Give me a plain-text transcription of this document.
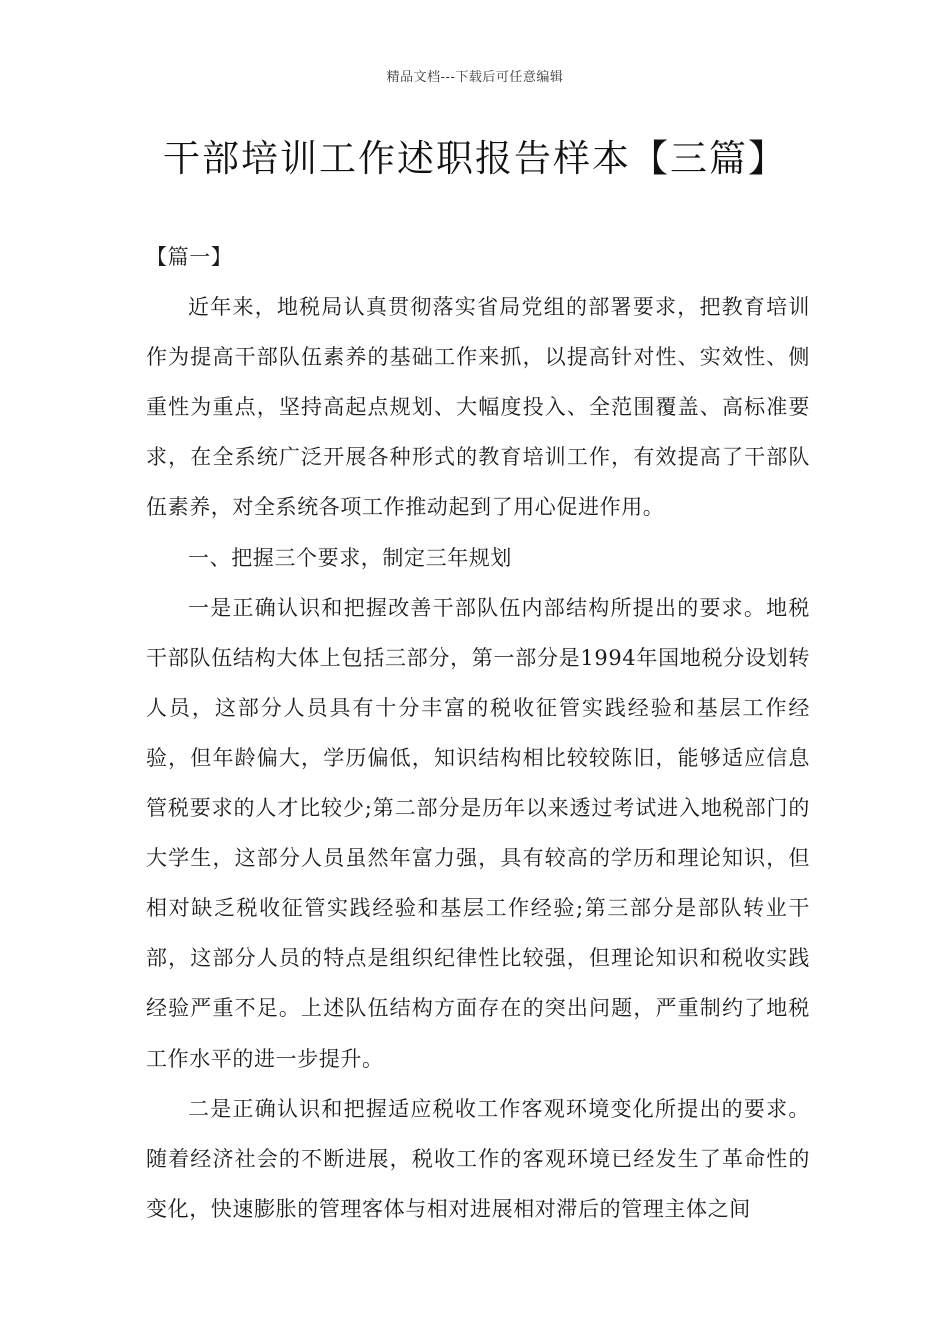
精品文档---下载后可任意编辑
干部培训工作述职报告样本【三篇】

【篇一】

近年来，地税局认真贯彻落实省局党组的部署要求，把教育培训作为提高干部队伍素养的基础工作来抓，以提高针对性、实效性、侧重性为重点，坚持高起点规划、大幅度投入、全范围覆盖、高标准要求，在全系统广泛开展各种形式的教育培训工作，有效提高了干部队伍素养，对全系统各项工作推动起到了用心促进作用。

一、把握三个要求，制定三年规划

一是正确认识和把握改善干部队伍内部结构所提出的要求。地税干部队伍结构大体上包括三部分，第一部分是1994年国地税分设划转人员，这部分人员具有十分丰富的税收征管实践经验和基层工作经验，但年龄偏大，学历偏低，知识结构相比较较陈旧，能够适应信息管税要求的人才比较少;第二部分是历年以来透过考试进入地税部门的大学生，这部分人员虽然年富力强，具有较高的学历和理论知识，但相对缺乏税收征管实践经验和基层工作经验;第三部分是部队转业干部，这部分人员的特点是组织纪律性比较强，但理论知识和税收实践经验严重不足。上述队伍结构方面存在的突出问题，严重制约了地税工作水平的进一步提升。

二是正确认识和把握适应税收工作客观环境变化所提出的要求。随着经济社会的不断进展，税收工作的客观环境已经发生了革命性的变化，快速膨胀的管理客体与相对进展相对滞后的管理主体之间
